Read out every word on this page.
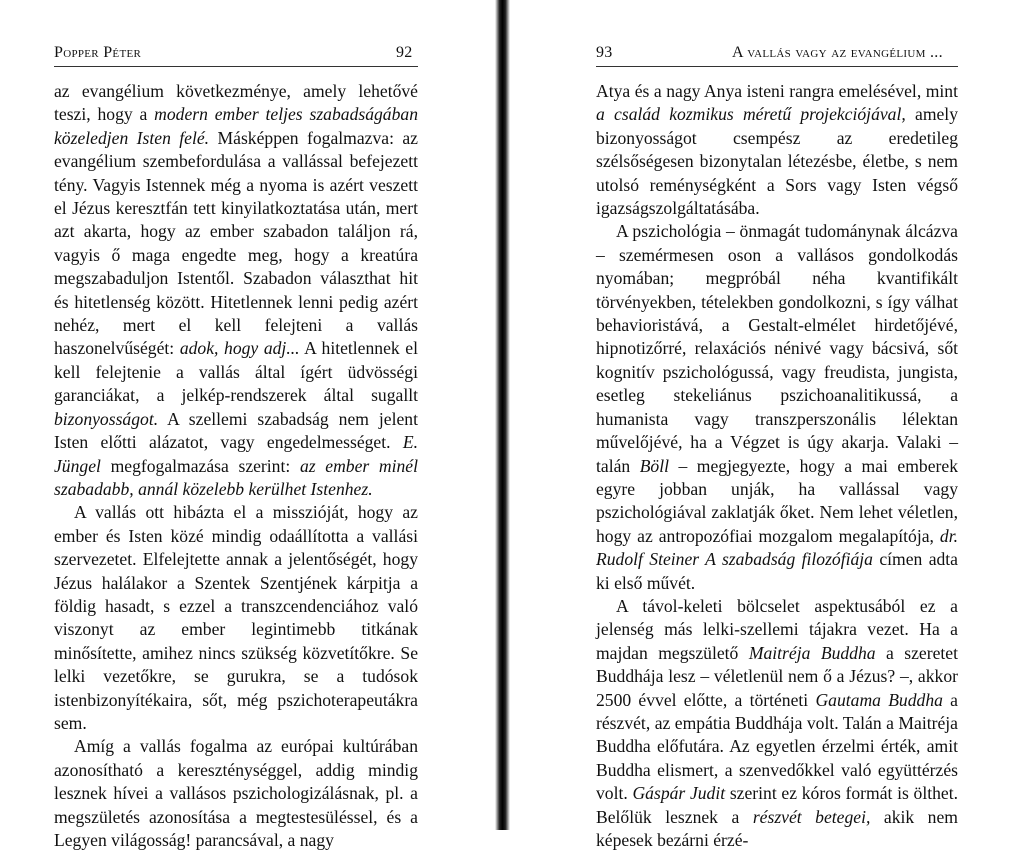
Popper Péter	92

az evangélium következménye, amely lehetővé teszi, hogy a modern ember teljes szabadságában közeledjen Isten felé. Másképpen fogalmazva: az evangélium szembefordulása a vallással befejezett tény. Vagyis Istennek még a nyoma is azért veszett el Jézus keresztfán tett kinyilatkoztatása után, mert azt akarta, hogy az ember szabadon találjon rá, vagyis ő maga engedte meg, hogy a kreatúra megszabaduljon Istentől. Szabadon választhat hit és hitetlenség között. Hitetlennek lenni pedig azért nehéz, mert el kell felejteni a vallás haszonelvűségét: adok, hogy adj... A hitetlennek el kell felejtenie a vallás által ígért üdvösségi garanciákat, a jelkép-rendszerek által sugallt bizonyosságot. A szellemi szabadság nem jelent Isten előtti alázatot, vagy engedelmességet. E. Jüngel megfogalmazása szerint: az ember minél szabadabb, annál közelebb kerülhet Istenhez.

A vallás ott hibázta el a misszióját, hogy az ember és Isten közé mindig odaállította a vallási szervezetet. Elfelejtette annak a jelentőségét, hogy Jézus halálakor a Szentek Szentjének kárpitja a földig hasadt, s ezzel a transzcendenciához való viszonyt az ember legintimebb titkának minősítette, amihez nincs szükség közvetítőkre. Se lelki vezetőkre, se gurukra, se a tudósok istenbizonyítékaira, sőt, még pszichoterapeutákra sem.

Amíg a vallás fogalma az európai kultúrában azonosítható a kereszténységgel, addig mindig lesznek hívei a vallásos pszichologizálásnak, pl. a megszületés azonosítása a megtestesüléssel, és a Legyen világosság! parancsával, a nagy

93	A vallás vagy az evangélium ...

Atya és a nagy Anya isteni rangra emelésével, mint a család kozmikus méretű projekciójával, amely bizonyosságot csempész az eredetileg szélsőségesen bizonytalan létezésbe, életbe, s nem utolsó reménységként a Sors vagy Isten végső igazságszolgáltatásába.

A pszichológia – önmagát tudománynak álcázva – szemérmesen oson a vallásos gondolkodás nyomában; megpróbál néha kvantifikált törvényekben, tételekben gondolkozni, s így válhat behavioristává, a Gestalt-elmélet hirdetőjévé, hipnotizőrré, relaxációs nénivé vagy bácsivá, sőt kognitív pszichológussá, vagy freudista, jungista, esetleg stekeliánus pszichoanalitikussá, a humanista vagy transzperszonális lélektan művelőjévé, ha a Végzet is úgy akarja. Valaki – talán Böll – megjegyezte, hogy a mai emberek egyre jobban unják, ha vallással vagy pszichológiával zaklatják őket. Nem lehet véletlen, hogy az antropozófiai mozgalom megalapítója, dr. Rudolf Steiner A szabadság filozófiája címen adta ki első művét.

A távol-keleti bölcselet aspektusából ez a jelenség más lelki-szellemi tájakra vezet. Ha a majdan megszülető Maitréja Buddha a szeretet Buddhája lesz – véletlenül nem ő a Jézus? –, akkor 2500 évvel előtte, a történeti Gautama Buddha a részvét, az empátia Buddhája volt. Talán a Maitréja Buddha előfutára. Az egyetlen érzelmi érték, amit Buddha elismert, a szenvedőkkel való együttérzés volt. Gáspár Judit szerint ez kóros formát is ölthet. Belőlük lesznek a részvét betegei, akik nem képesek bezárni érzé-
